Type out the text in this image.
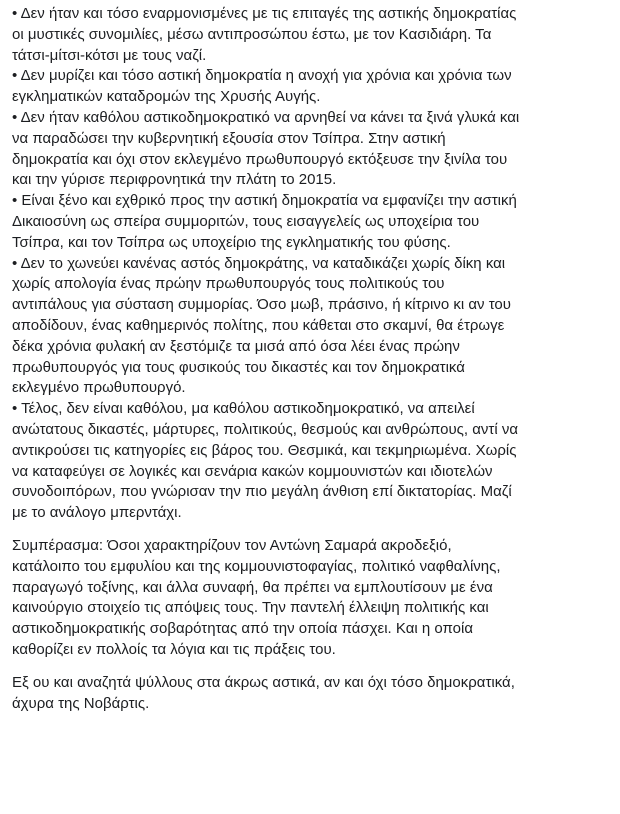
• Δεν ήταν και τόσο εναρμονισμένες με τις επιταγές της αστικής δημοκρατίας
οι μυστικές συνομιλίες, μέσω αντιπροσώπου έστω, με τον Κασιδιάρη. Τα
τάτσι-μίτσι-κότσι με τους ναζί.
• Δεν μυρίζει και τόσο αστική δημοκρατία η ανοχή για χρόνια και χρόνια των
εγκληματικών καταδρομών της Χρυσής Αυγής.
• Δεν ήταν καθόλου αστικοδημοκρατικό να αρνηθεί να κάνει τα ξινά γλυκά και
να παραδώσει την κυβερνητική εξουσία στον Τσίπρα. Στην αστική
δημοκρατία και όχι στον εκλεγμένο πρωθυπουργό εκτόξευσε την ξινίλα του
και την γύρισε περιφρονητικά την πλάτη το 2015.
• Είναι ξένο και εχθρικό προς την αστική δημοκρατία να εμφανίζει την αστική
Δικαιοσύνη ως σπείρα συμμοριτών, τους εισαγγελείς ως υποχείρια του
Τσίπρα, και τον Τσίπρα ως υποχείριο της εγκληματικής του φύσης.
• Δεν το χωνεύει κανένας αστός δημοκράτης, να καταδικάζει χωρίς δίκη και
χωρίς απολογία ένας πρώην πρωθυπουργός τους πολιτικούς του
αντιπάλους για σύσταση συμμορίας. Όσο μωβ, πράσινο, ή κίτρινο κι αν του
αποδίδουν, ένας καθημερινός πολίτης, που κάθεται στο σκαμνί, θα έτρωγε
δέκα χρόνια φυλακή αν ξεστόμιζε τα μισά από όσα λέει ένας πρώην
πρωθυπουργός για τους φυσικούς του δικαστές και τον δημοκρατικά
εκλεγμένο πρωθυπουργό.
• Τέλος, δεν είναι καθόλου, μα καθόλου αστικοδημοκρατικό, να απειλεί
ανώτατους δικαστές, μάρτυρες, πολιτικούς, θεσμούς και ανθρώπους, αντί να
αντικρούσει τις κατηγορίες εις βάρος του. Θεσμικά, και τεκμηριωμένα. Χωρίς
να καταφεύγει σε λογικές και σενάρια κακών κομμουνιστών και ιδιοτελών
συνοδοιπόρων, που γνώρισαν την πιο μεγάλη άνθιση επί δικτατορίας. Μαζί
με το ανάλογο μπερντάχι.

Συμπέρασμα: Όσοι χαρακτηρίζουν τον Αντώνη Σαμαρά ακροδεξιό,
κατάλοιπο του εμφυλίου και της κομμουνιστοφαγίας, πολιτικό ναφθαλίνης,
παραγωγό τοξίνης, και άλλα συναφή, θα πρέπει να εμπλουτίσουν με ένα
καινούργιο στοιχείο τις απόψεις τους. Την παντελή έλλειψη πολιτικής και
αστικοδημοκρατικής σοβαρότητας από την οποία πάσχει. Και η οποία
καθορίζει εν πολλοίς τα λόγια και τις πράξεις του.

Εξ ου και αναζητά ψύλλους στα άκρως αστικά, αν και όχι τόσο δημοκρατικά,
άχυρα της Νοβάρτις.
